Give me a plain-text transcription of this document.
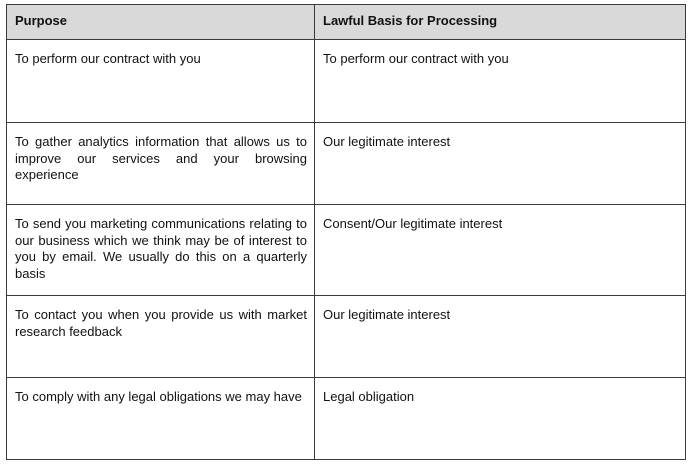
Purpose	Lawful Basis for Processing
To perform our contract with you	To perform our contract with you
To gather analytics information that allows us to improve our services and your browsing experience	Our legitimate interest
To send you marketing communications relating to our business which we think may be of interest to you by email. We usually do this on a quarterly basis	Consent/Our legitimate interest
To contact you when you provide us with market research feedback	Our legitimate interest
To comply with any legal obligations we may have	Legal obligation
